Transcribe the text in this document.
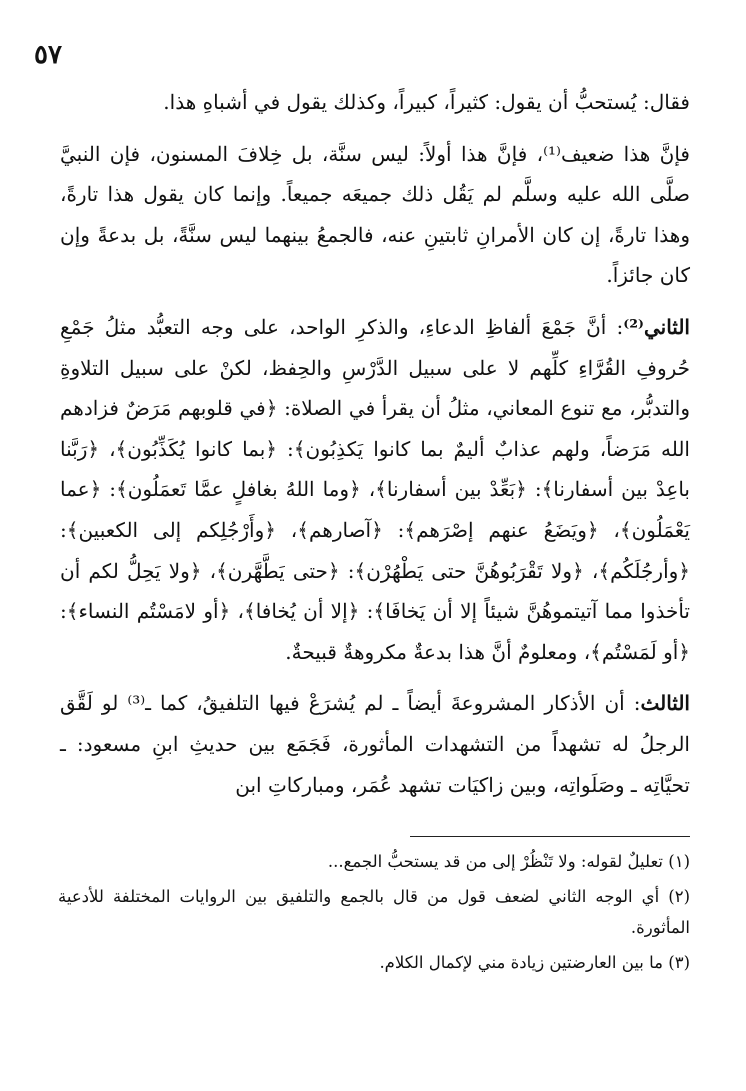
٥٧

فقال: يُستحبُّ أن يقول: كثيراً، كبيراً، وكذلك يقول في أشباهِ هذا.

فإنَّ هذا ضعيف⁽¹⁾، فإنَّ هذا أولاً: ليس سنَّة، بل خِلافَ المسنون، فإن النبيَّ صلَّى الله عليه وسلَّم لم يَقُل ذلك جميعَه جميعاً. وإنما كان يقول هذا تارةً، وهذا تارةً، إن كان الأمرانِ ثابتينِ عنه، فالجمعُ بينهما ليس سنَّةً، بل بدعةً وإن كان جائزاً.

الثاني⁽²⁾: أنَّ جَمْعَ ألفاظِ الدعاءِ، والذكرِ الواحد، على وجه التعبُّد مثلُ جَمْعِ حُروفِ القُرَّاءِ كلِّهم لا على سبيل الدَّرْسِ والحِفظ، لكنْ على سبيل التلاوةِ والتدبُّر، مع تنوع المعاني، مثلُ أن يقرأ في الصلاة: ﴿في قلوبهم مَرَضٌ فزادهم الله مَرَضاً، ولهم عذابٌ أليمٌ بما كانوا يَكذِبُون﴾: ﴿بما كانوا يُكَذِّبُون﴾، ﴿رَبَّنا باعِدْ بين أسفارنا﴾: ﴿بَعِّدْ بين أسفارنا﴾، ﴿وما اللهُ بغافلٍ عمَّا تَعمَلُون﴾: ﴿عما يَعْمَلُون﴾، ﴿ويَضَعُ عنهم إصْرَهم﴾: ﴿آصارهم﴾، ﴿وأَرْجُلِكم إلى الكعبين﴾: ﴿وأرجُلَكُم﴾، ﴿ولا تَقْرَبُوهُنَّ حتى يَطْهُرْن﴾: ﴿حتى يَطَّهَّرن﴾، ﴿ولا يَحِلُّ لكم أن تأخذوا مما آتيتموهُنَّ شيئاً إلا أن يَخافَا﴾: ﴿إلا أن يُخافا﴾، ﴿أو لامَسْتُم النساء﴾: ﴿أو لَمَسْتُم﴾، ومعلومٌ أنَّ هذا بدعةٌ مكروهةٌ قبيحةٌ.

الثالث: أن الأذكار المشروعةَ أيضاً ـ لم يُشرَعْ فيها التلفيقُ، كما ـ⁽³⁾ لو لَقَّق الرجلُ له تشهداً من التشهدات المأثورة، فَجَمَع بين حديثِ ابنِ مسعود: ـ تحيَّاتِه ـ وصَلَواتِه، وبين زاكيَات تشهد عُمَر، ومباركاتِ ابن

(١) تعليلٌ لقوله: ولا تَنْظُرْ إلى من قد يستحبُّ الجمع...

(٢) أي الوجه الثاني لضعف قول من قال بالجمع والتلفيق بين الروايات المختلفة للأدعية المأثورة.

(٣) ما بين العارضتين زيادة مني لإكمال الكلام.
